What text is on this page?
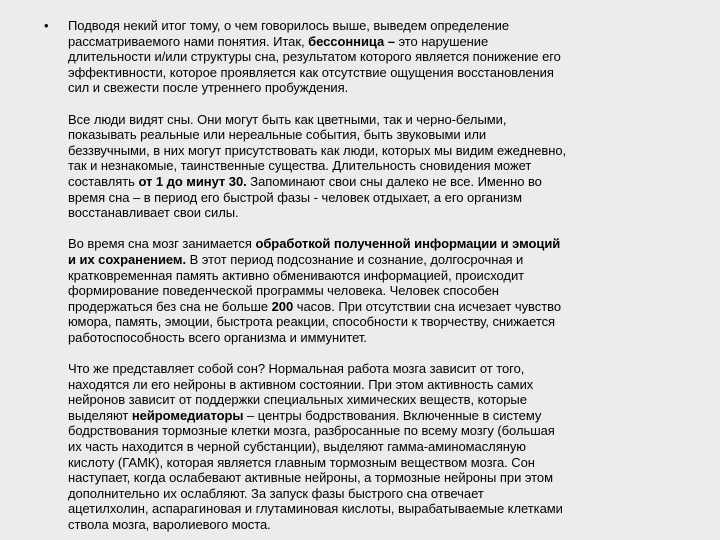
• Подводя некий итог тому, о чем говорилось выше, выведем определение
рассматриваемого нами понятия. Итак, бессонница – это нарушение
длительности и/или структуры сна, результатом которого является понижение его
эффективности, которое проявляется как отсутствие ощущения восстановления
сил и свежести после утреннего пробуждения.
Все люди видят сны. Они могут быть как цветными, так и черно-белыми,
показывать реальные или нереальные события, быть звуковыми или
беззвучными, в них могут присутствовать как люди, которых мы видим ежедневно,
так и незнакомые, таинственные существа. Длительность сновидения может
составлять от 1 до минут 30. Запоминают свои сны далеко не все. Именно во
время сна – в период его быстрой фазы - человек отдыхает, а его организм
восстанавливает свои силы.
Во время сна мозг занимается обработкой полученной информации и эмоций
и их сохранением. В этот период подсознание и сознание, долгосрочная и
кратковременная память активно обмениваются информацией, происходит
формирование поведенческой программы человека. Человек способен
продержаться без сна не больше 200 часов. При отсутствии сна исчезает чувство
юмора, память, эмоции, быстрота реакции, способности к творчеству, снижается
работоспособность всего организма и иммунитет.
Что же представляет собой сон? Нормальная работа мозга зависит от того,
находятся ли его нейроны в активном состоянии. При этом активность самих
нейронов зависит от поддержки специальных химических веществ, которые
выделяют нейромедиаторы – центры бодрствования. Включенные в систему
бодрствования тормозные клетки мозга, разбросанные по всему мозгу (большая
их часть находится в черной субстанции), выделяют гамма-аминомасляную
кислоту (ГАМК), которая является главным тормозным веществом мозга. Сон
наступает, когда ослабевают активные нейроны, а тормозные нейроны при этом
дополнительно их ослабляют. За запуск фазы быстрого сна отвечает
ацетилхолин, аспарагиновая и глутаминовая кислоты, вырабатываемые клетками
ствола мозга, варолиевого моста.
